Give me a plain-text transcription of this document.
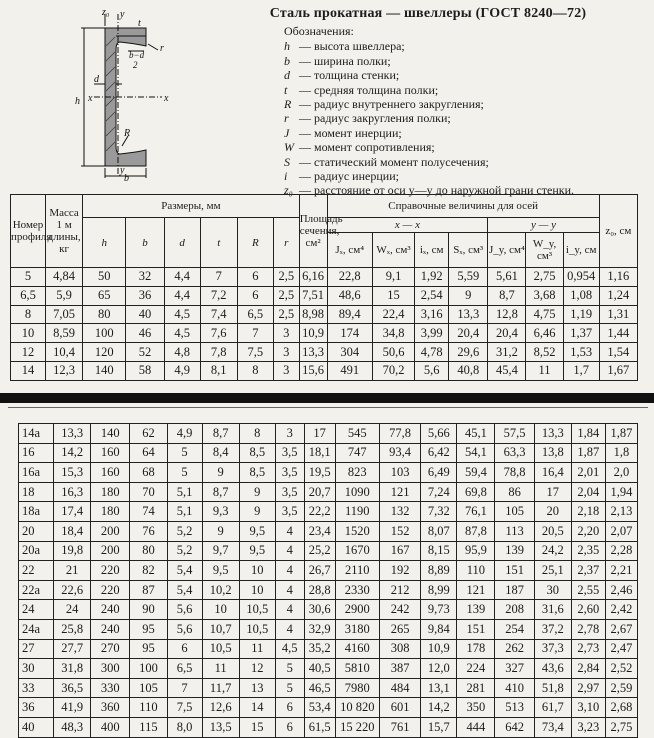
z₀ y
t
b−d
2
r
d
x	x
h
R
y
b
Сталь прокатная — швеллеры (ГОСТ 8240—72)
Обозначения:
h — высота швеллера;
b — ширина полки;
d — толщина стенки;
t — средняя толщина полки;
R — радиус внутреннего закругления;
r — радиус закругления полки;
J — момент инерции;
W — момент сопротивления;
S — статический момент полусечения;
i — радиус инерции;
z₀ — расстояние от оси y—y до наружной грани стенки.
Номер профиля	Масса 1 м длины, кг	Размеры, мм						Площадь сечения, см²	Справочные величины для осей							z₀, см
		h	b	d	t	R	r		x — x				y — y			
									Jₓ, см⁴	Wₓ, см³	iₓ, см	Sₓ, см³	J_y, см⁴	W_y, см³	i_y, см	
5	4,84	50	32	4,4	7	6	2,5	6,16	22,8	9,1	1,92	5,59	5,61	2,75	0,954	1,16
6,5	5,9	65	36	4,4	7,2	6	2,5	7,51	48,6	15	2,54	9	8,7	3,68	1,08	1,24
8	7,05	80	40	4,5	7,4	6,5	2,5	8,98	89,4	22,4	3,16	13,3	12,8	4,75	1,19	1,31
10	8,59	100	46	4,5	7,6	7	3	10,9	174	34,8	3,99	20,4	20,4	6,46	1,37	1,44
12	10,4	120	52	4,8	7,8	7,5	3	13,3	304	50,6	4,78	29,6	31,2	8,52	1,53	1,54
14	12,3	140	58	4,9	8,1	8	3	15,6	491	70,2	5,6	40,8	45,4	11	1,7	1,67
14а	13,3	140	62	4,9	8,7	8	3	17	545	77,8	5,66	45,1	57,5	13,3	1,84	1,87
16	14,2	160	64	5	8,4	8,5	3,5	18,1	747	93,4	6,42	54,1	63,3	13,8	1,87	1,8
16а	15,3	160	68	5	9	8,5	3,5	19,5	823	103	6,49	59,4	78,8	16,4	2,01	2,0
18	16,3	180	70	5,1	8,7	9	3,5	20,7	1090	121	7,24	69,8	86	17	2,04	1,94
18а	17,4	180	74	5,1	9,3	9	3,5	22,2	1190	132	7,32	76,1	105	20	2,18	2,13
20	18,4	200	76	5,2	9	9,5	4	23,4	1520	152	8,07	87,8	113	20,5	2,20	2,07
20а	19,8	200	80	5,2	9,7	9,5	4	25,2	1670	167	8,15	95,9	139	24,2	2,35	2,28
22	21	220	82	5,4	9,5	10	4	26,7	2110	192	8,89	110	151	25,1	2,37	2,21
22а	22,6	220	87	5,4	10,2	10	4	28,8	2330	212	8,99	121	187	30	2,55	2,46
24	24	240	90	5,6	10	10,5	4	30,6	2900	242	9,73	139	208	31,6	2,60	2,42
24а	25,8	240	95	5,6	10,7	10,5	4	32,9	3180	265	9,84	151	254	37,2	2,78	2,67
27	27,7	270	95	6	10,5	11	4,5	35,2	4160	308	10,9	178	262	37,3	2,73	2,47
30	31,8	300	100	6,5	11	12	5	40,5	5810	387	12,0	224	327	43,6	2,84	2,52
33	36,5	330	105	7	11,7	13	5	46,5	7980	484	13,1	281	410	51,8	2,97	2,59
36	41,9	360	110	7,5	12,6	14	6	53,4	10 820	601	14,2	350	513	61,7	3,10	2,68
40	48,3	400	115	8,0	13,5	15	6	61,5	15 220	761	15,7	444	642	73,4	3,23	2,75
